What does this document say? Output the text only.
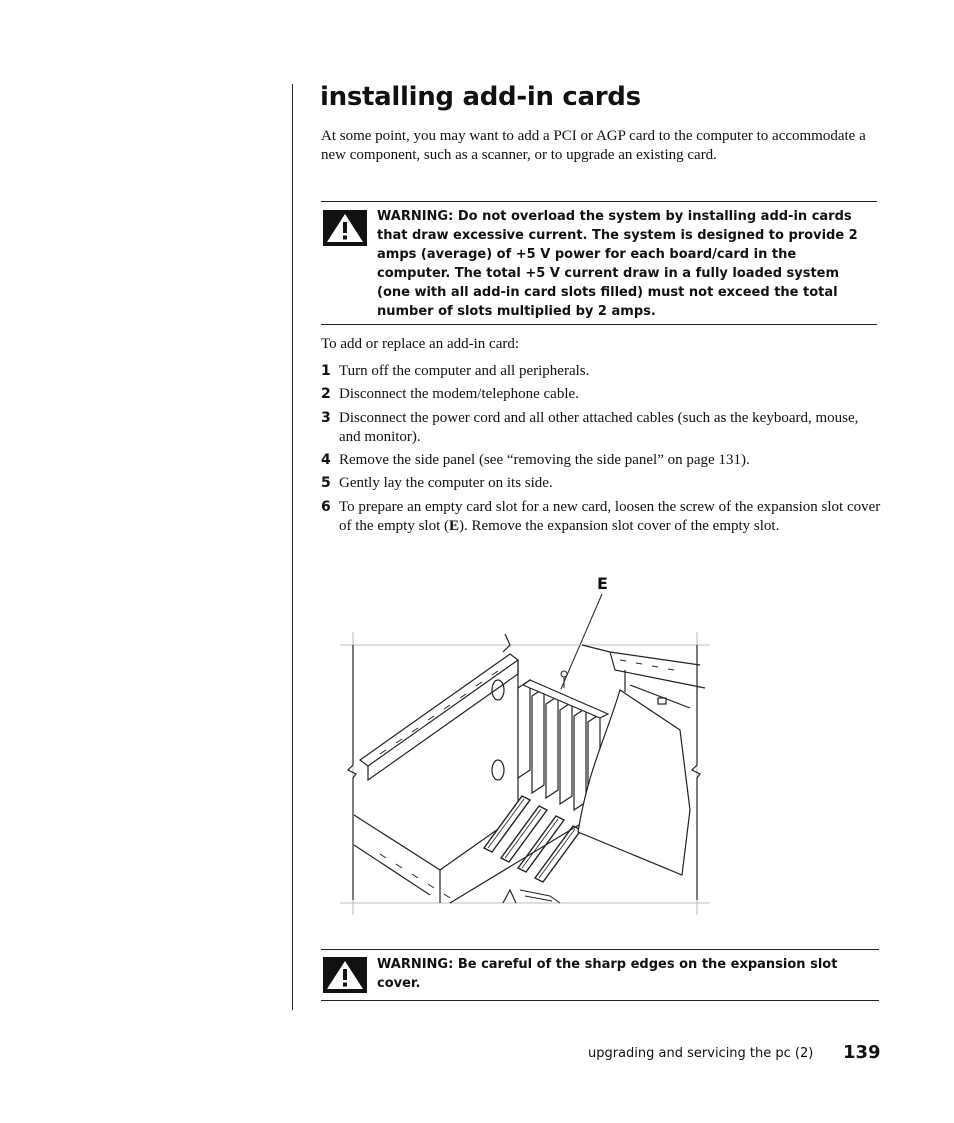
installing add-in cards

At some point, you may want to add a PCI or AGP card to the computer to accommodate a new component, such as a scanner, or to upgrade an existing card.

WARNING: Do not overload the system by installing add-in cards that draw excessive current. The system is designed to provide 2 amps (average) of +5 V power for each board/card in the computer. The total +5 V current draw in a fully loaded system (one with all add-in card slots filled) must not exceed the total number of slots multiplied by 2 amps.

To add or replace an add-in card:

1 Turn off the computer and all peripherals.
2 Disconnect the modem/telephone cable.
3 Disconnect the power cord and all other attached cables (such as the keyboard, mouse, and monitor).
4 Remove the side panel (see “removing the side panel” on page 131).
5 Gently lay the computer on its side.
6 To prepare an empty card slot for a new card, loosen the screw of the expansion slot cover of the empty slot (E). Remove the expansion slot cover of the empty slot.
E

WARNING: Be careful of the sharp edges on the expansion slot cover.

upgrading and servicing the pc (2) 139
